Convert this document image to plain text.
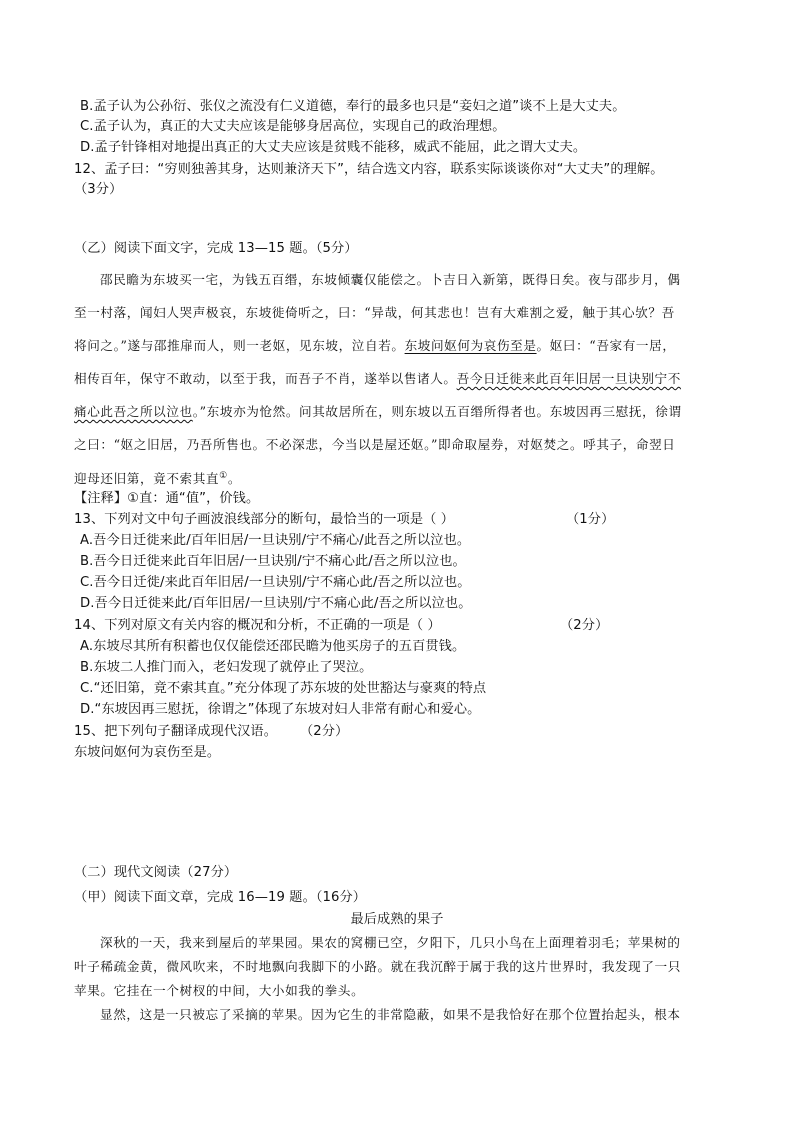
B.孟子认为公孙衍、张仪之流没有仁义道德，奉行的最多也只是“妾妇之道”谈不上是大丈夫。
C.孟子认为，真正的大丈夫应该是能够身居高位，实现自己的政治理想。
D.孟子针锋相对地提出真正的大丈夫应该是贫贱不能移，威武不能屈，此之谓大丈夫。
12、孟子曰：“穷则独善其身，达则兼济天下”，结合选文内容，联系实际谈谈你对“大丈夫”的理解。
（3分）
（乙）阅读下面文字，完成 13—15 题。（5分）
邵民瞻为东坡买一宅，为钱五百缗，东坡倾囊仅能偿之。卜吉日入新第，既得日矣。夜与邵步月，偶
至一村落，闻妇人哭声极哀，东坡徙倚听之，曰：“异哉，何其悲也！岂有大难割之爱，触于其心欤？吾
将问之。”遂与邵推扉而人，则一老妪，见东坡，泣自若。东坡问妪何为哀伤至是。妪曰：“吾家有一居，
相传百年，保守不敢动，以至于我，而吾子不肖，遂举以售诸人。吾今日迁徙来此百年旧居一旦诀别宁不
痛心此吾之所以泣也。”东坡亦为怆然。问其故居所在，则东坡以五百缗所得者也。东坡因再三慰抚，徐谓
之曰：“妪之旧居，乃吾所售也。不必深悲，今当以是屋还妪。”即命取屋券，对妪焚之。呼其子，命翌日
迎母还旧第，竟不索其直①。
【注释】①直：通“值”，价钱。
13、下列对文中句子画波浪线部分的断句，最恰当的一项是（ ）	（1分）
A.吾今日迁徙来此/百年旧居/一旦诀别/宁不痛心/此吾之所以泣也。
B.吾今日迁徙来此百年旧居/一旦诀别/宁不痛心此/吾之所以泣也。
C.吾今日迁徙/来此百年旧居/一旦诀别/宁不痛心此/吾之所以泣也。
D.吾今日迁徙来此/百年旧居/一旦诀别/宁不痛心此/吾之所以泣也。
14、下列对原文有关内容的概况和分析，不正确的一项是（ ）	（2分）
A.东坡尽其所有积蓄也仅仅能偿还邵民瞻为他买房子的五百贯钱。
B.东坡二人推门而入，老妇发现了就停止了哭泣。
C.“还旧第，竟不索其直。”充分体现了苏东坡的处世豁达与豪爽的特点
D.“东坡因再三慰抚，徐谓之”体现了东坡对妇人非常有耐心和爱心。
15、把下列句子翻译成现代汉语。 （2分）
东坡问妪何为哀伤至是。
（二）现代文阅读（27分）
（甲）阅读下面文章，完成 16—19 题。（16分）
最后成熟的果子
深秋的一天，我来到屋后的苹果园。果农的窝棚已空，夕阳下，几只小鸟在上面理着羽毛；苹果树的
叶子稀疏金黄，微风吹来，不时地飘向我脚下的小路。就在我沉醉于属于我的这片世界时，我发现了一只
苹果。它挂在一个树杈的中间，大小如我的拳头。
显然，这是一只被忘了采摘的苹果。因为它生的非常隐蔽，如果不是我恰好在那个位置抬起头，根本
